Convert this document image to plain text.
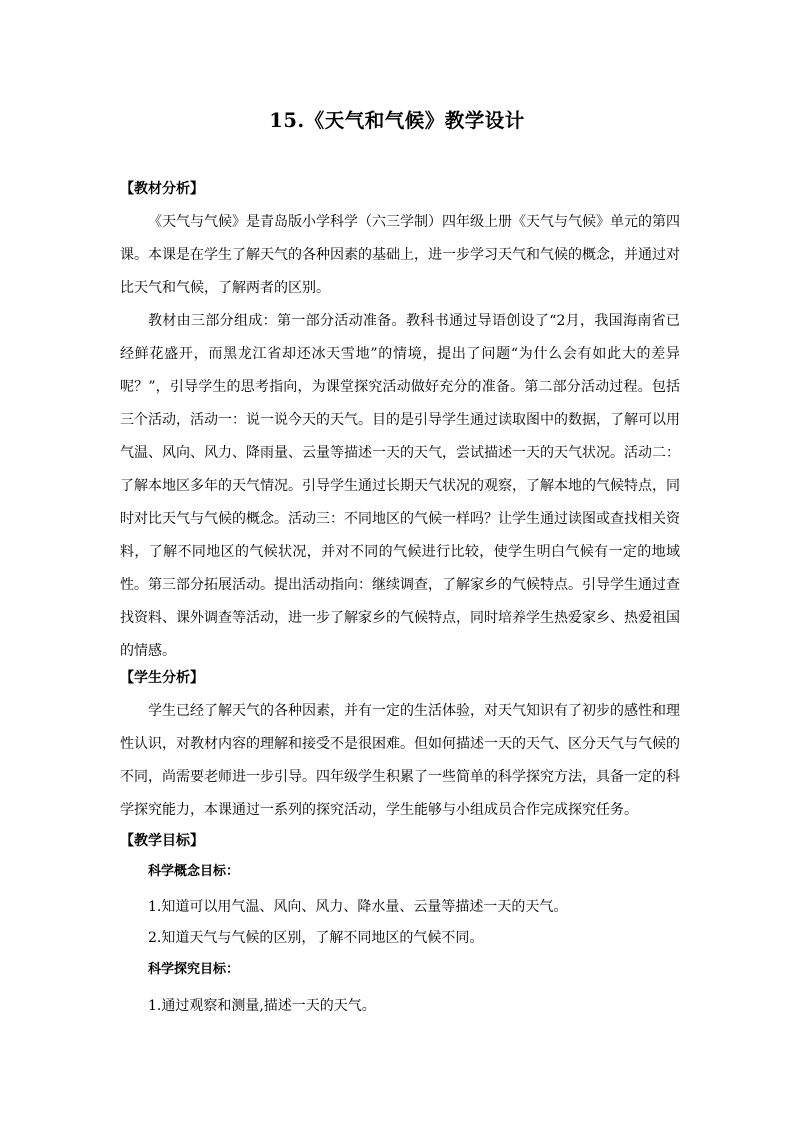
15.《天气和气候》教学设计
【教材分析】

《天气与气候》是青岛版小学科学（六三学制）四年级上册《天气与气候》单元的第四课。本课是在学生了解天气的各种因素的基础上，进一步学习天气和气候的概念，并通过对比天气和气候，了解两者的区别。

教材由三部分组成：第一部分活动准备。教科书通过导语创设了“2月，我国海南省已经鲜花盛开，而黑龙江省却还冰天雪地”的情境，提出了问题“为什么会有如此大的差异呢？”，引导学生的思考指向，为课堂探究活动做好充分的准备。第二部分活动过程。包括三个活动，活动一：说一说今天的天气。目的是引导学生通过读取图中的数据，了解可以用气温、风向、风力、降雨量、云量等描述一天的天气，尝试描述一天的天气状况。活动二：了解本地区多年的天气情况。引导学生通过长期天气状况的观察，了解本地的气候特点，同时对比天气与气候的概念。活动三：不同地区的气候一样吗？让学生通过读图或查找相关资料，了解不同地区的气候状况，并对不同的气候进行比较，使学生明白气候有一定的地域性。第三部分拓展活动。提出活动指向：继续调查，了解家乡的气候特点。引导学生通过查找资料、课外调查等活动，进一步了解家乡的气候特点，同时培养学生热爱家乡、热爱祖国的情感。

【学生分析】

学生已经了解天气的各种因素，并有一定的生活体验，对天气知识有了初步的感性和理性认识，对教材内容的理解和接受不是很困难。但如何描述一天的天气、区分天气与气候的不同，尚需要老师进一步引导。四年级学生积累了一些简单的科学探究方法，具备一定的科学探究能力，本课通过一系列的探究活动，学生能够与小组成员合作完成探究任务。

【教学目标】
科学概念目标：
1.知道可以用气温、风向、风力、降水量、云量等描述一天的天气。
2.知道天气与气候的区别，了解不同地区的气候不同。
科学探究目标：
1.通过观察和测量,描述一天的天气。
